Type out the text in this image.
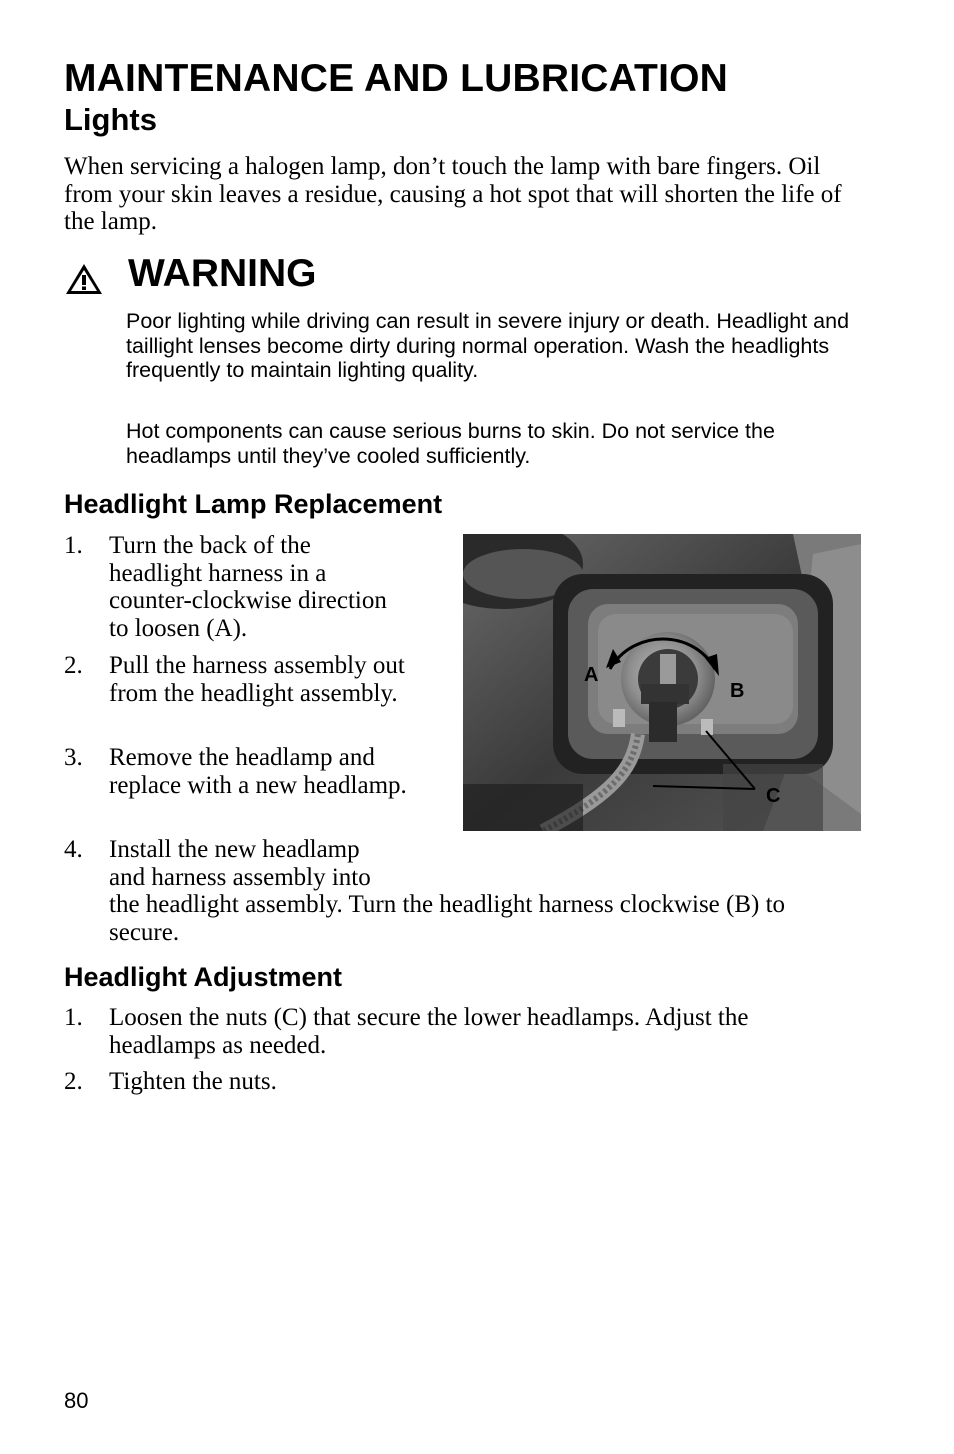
MAINTENANCE AND LUBRICATION
Lights
When servicing a halogen lamp, don’t touch the lamp with bare fingers. Oil from your skin leaves a residue, causing a hot spot that will shorten the life of the lamp.
WARNING
Poor lighting while driving can result in severe injury or death. Headlight and taillight lenses become dirty during normal operation. Wash the headlights frequently to maintain lighting quality.
Hot components can cause serious burns to skin. Do not service the headlamps until they’ve cooled sufficiently.
Headlight Lamp Replacement
1. Turn the back of the headlight harness in a counter-clockwise direction to loosen (A).
2. Pull the harness assembly out from the headlight assembly.
3. Remove the headlamp and replace with a new headlamp.
4. Install the new headlamp
and harness assembly into
the headlight assembly. Turn the headlight harness clockwise (B) to secure.
A
B
C
Headlight Adjustment
1. Loosen the nuts (C) that secure the lower headlamps. Adjust the headlamps as needed.
2. Tighten the nuts.
80
